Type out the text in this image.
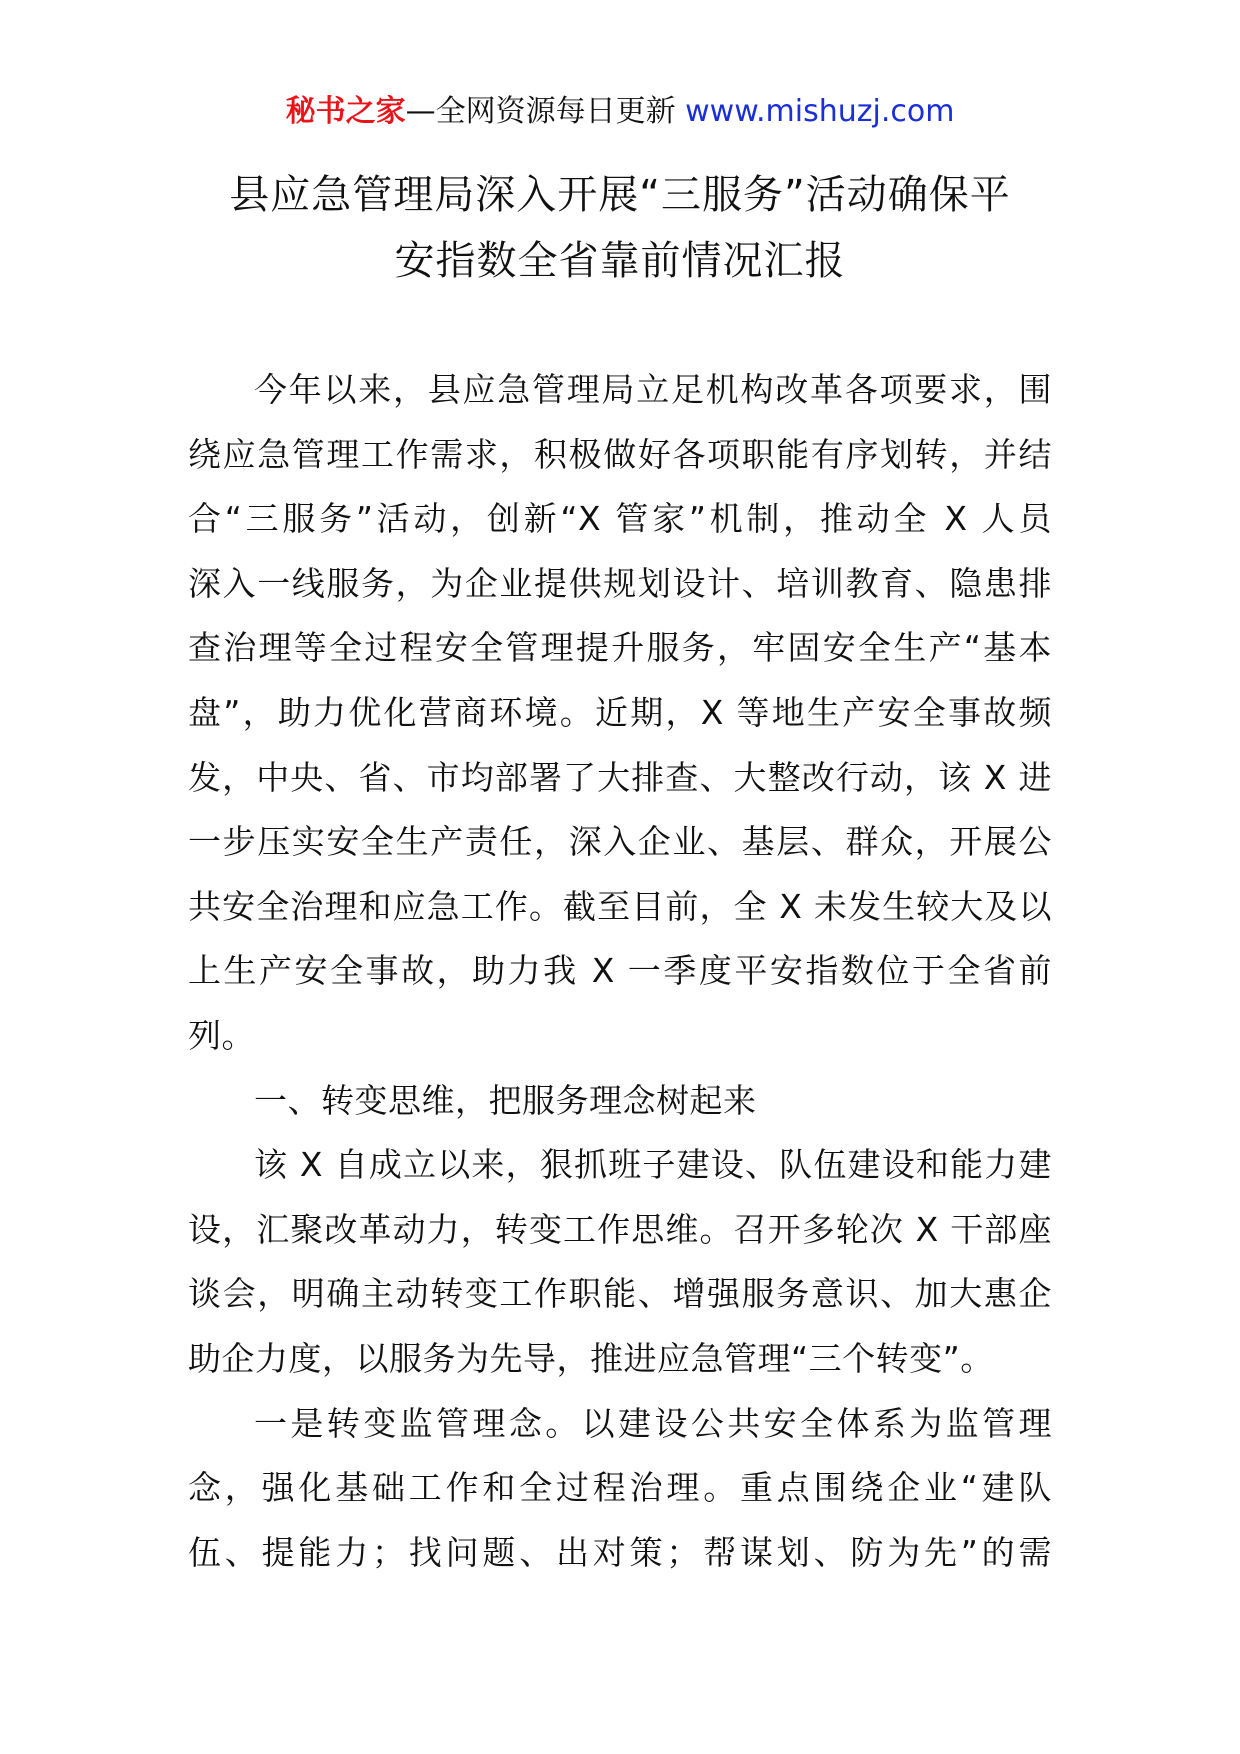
秘书之家—全网资源每日更新 www.mishuzj.com
县应急管理局深入开展“三服务”活动确保平
安指数全省靠前情况汇报
今年以来，县应急管理局立足机构改革各项要求，围
绕应急管理工作需求，积极做好各项职能有序划转，并结
合“三服务”活动，创新“X 管家”机制，推动全 X 人员
深入一线服务，为企业提供规划设计、培训教育、隐患排
查治理等全过程安全管理提升服务，牢固安全生产“基本
盘”，助力优化营商环境。近期，X 等地生产安全事故频
发，中央、省、市均部署了大排查、大整改行动，该 X 进
一步压实安全生产责任，深入企业、基层、群众，开展公
共安全治理和应急工作。截至目前，全 X 未发生较大及以
上生产安全事故，助力我 X 一季度平安指数位于全省前
列。
一、转变思维，把服务理念树起来
该 X 自成立以来，狠抓班子建设、队伍建设和能力建
设，汇聚改革动力，转变工作思维。召开多轮次 X 干部座
谈会，明确主动转变工作职能、增强服务意识、加大惠企
助企力度，以服务为先导，推进应急管理“三个转变”。
一是转变监管理念。以建设公共安全体系为监管理
念，强化基础工作和全过程治理。重点围绕企业“建队
伍、提能力；找问题、出对策；帮谋划、防为先”的需
